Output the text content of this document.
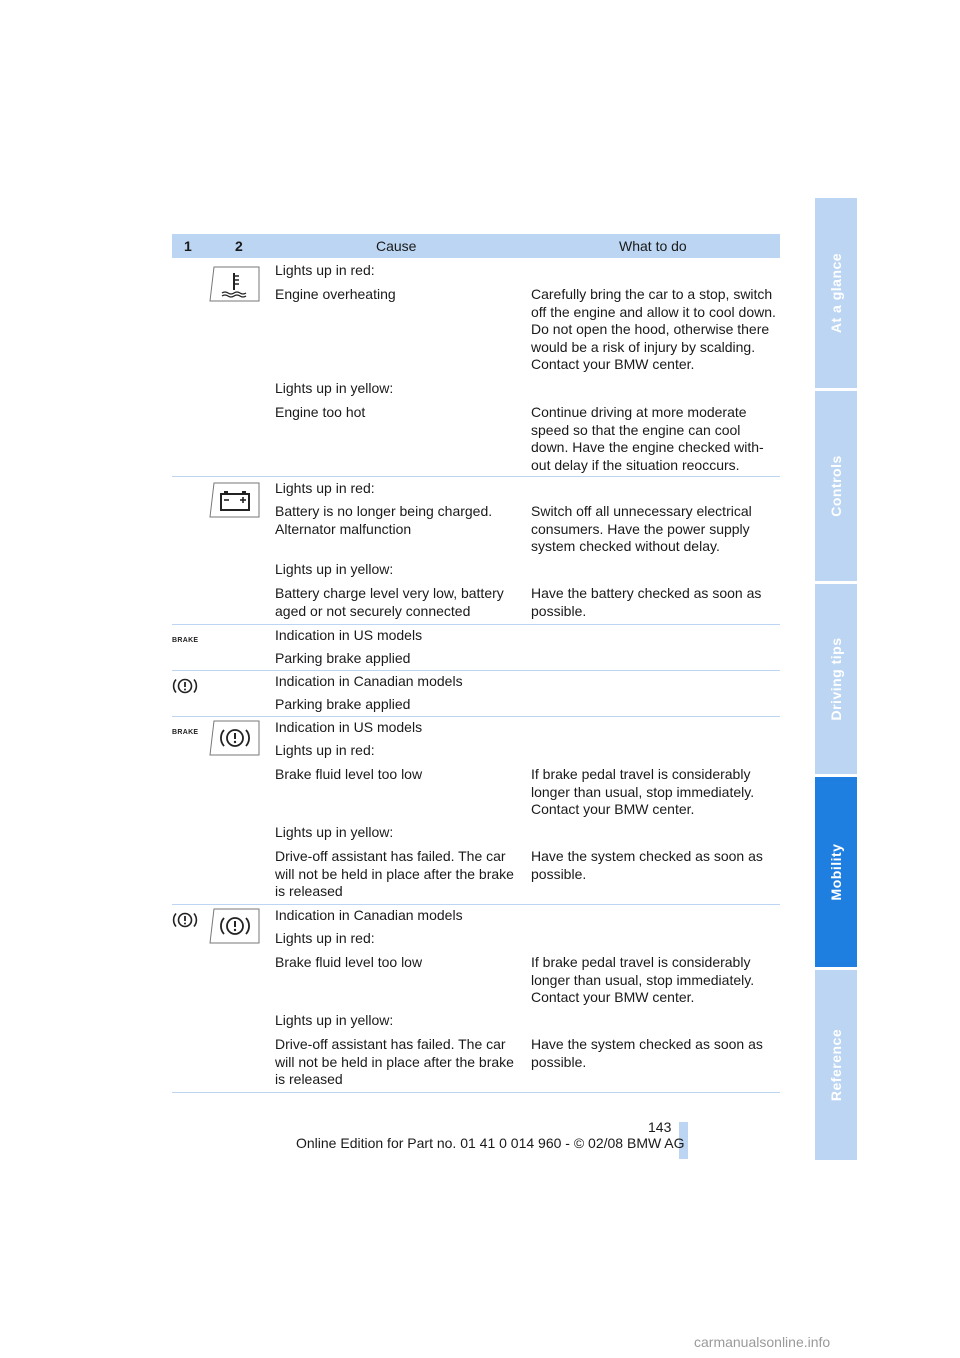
At a glance
Controls
Driving tips
Mobility
Reference
1	2	Cause	What to do
Lights up in red:
Engine overheating	Carefully bring the car to a stop, switch off the engine and allow it to cool down. Do not open the hood, otherwise there would be a risk of injury by scalding. Contact your BMW center.
Lights up in yellow:
Engine too hot	Continue driving at more moderate speed so that the engine can cool down. Have the engine checked with-out delay if the situation reoccurs.
Lights up in red:
Battery is no longer being charged. Alternator malfunction
Switch off all unnecessary electrical consumers. Have the power supply system checked without delay.
Lights up in yellow:
Battery charge level very low, battery aged or not securely connected
Have the battery checked as soon as possible.
BRAKE	Indication in US models
Parking brake applied
Indication in Canadian models
Parking brake applied
BRAKE	Indication in US models
Lights up in red:
Brake fluid level too low	If brake pedal travel is considerably longer than usual, stop immediately. Contact your BMW center.
Lights up in yellow:
Drive-off assistant has failed. The car will not be held in place after the brake is released
Have the system checked as soon as possible.
Indication in Canadian models
Lights up in red:
Brake fluid level too low	If brake pedal travel is considerably longer than usual, stop immediately. Contact your BMW center.
Lights up in yellow:
Drive-off assistant has failed. The car will not be held in place after the brake is released
Have the system checked as soon as possible.
143
Online Edition for Part no. 01 41 0 014 960 - © 02/08 BMW AG
carmanualsonline.info
